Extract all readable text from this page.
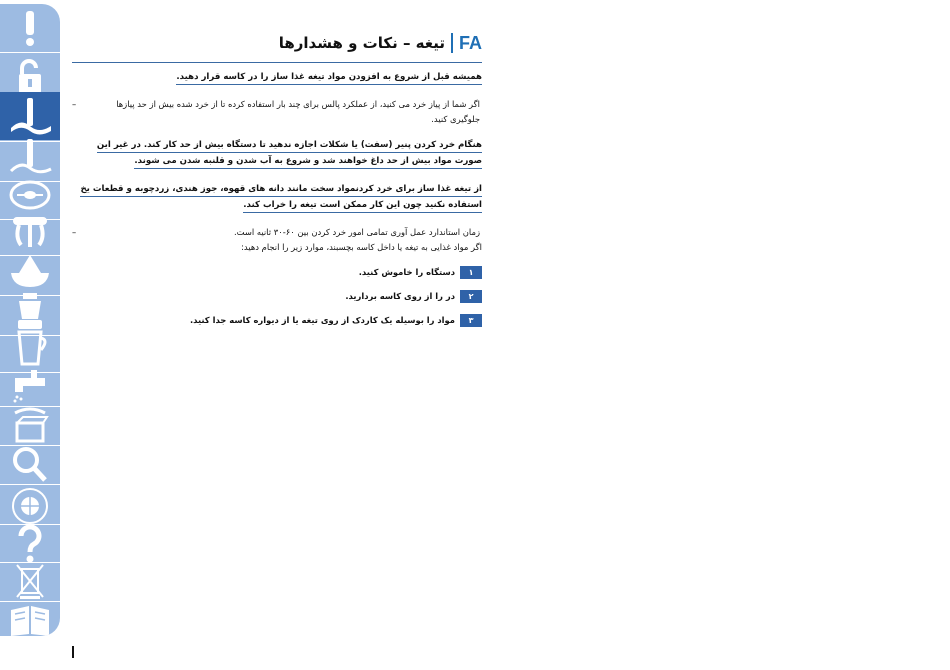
FA
تیغه – نکات و هشدارها
همیشه قبل از شروع به افزودن مواد تیغه غذا ساز را در کاسه قرار دهید.
–	اگر شما از پیاز خرد می کنید، از عملکرد پالس برای چند بار استفاده کرده تا از خرد شده بیش از حد پیازها جلوگیری کنید.
هنگام خرد کردن پنیر (سفت) یا شکلات اجازه ندهید تا دستگاه بیش از حد کار کند. در غیر این صورت مواد بیش از حد داغ خواهند شد و شروع به آب شدن و قلنبه شدن می شوند.
از تیغه غذا ساز برای خرد کردنمواد سخت مانند دانه های قهوه، جوز هندی، زردچوبه و قطعات یخ استفاده نکنید چون این کار ممکن است تیغه را خراب کند.
–	زمان استاندارد عمل آوری تمامی امور خرد کردن بین ۶۰-۳۰ ثانیه است.
اگر مواد غذایی به تیغه یا داخل کاسه بچسبند، موارد زیر را انجام دهید:
۱
دستگاه را خاموش کنید.
۲
در را از روی کاسه بردارید.
۳
مواد را بوسیله یک کاردک از روی تیغه یا از دیواره کاسه جدا کنید.
